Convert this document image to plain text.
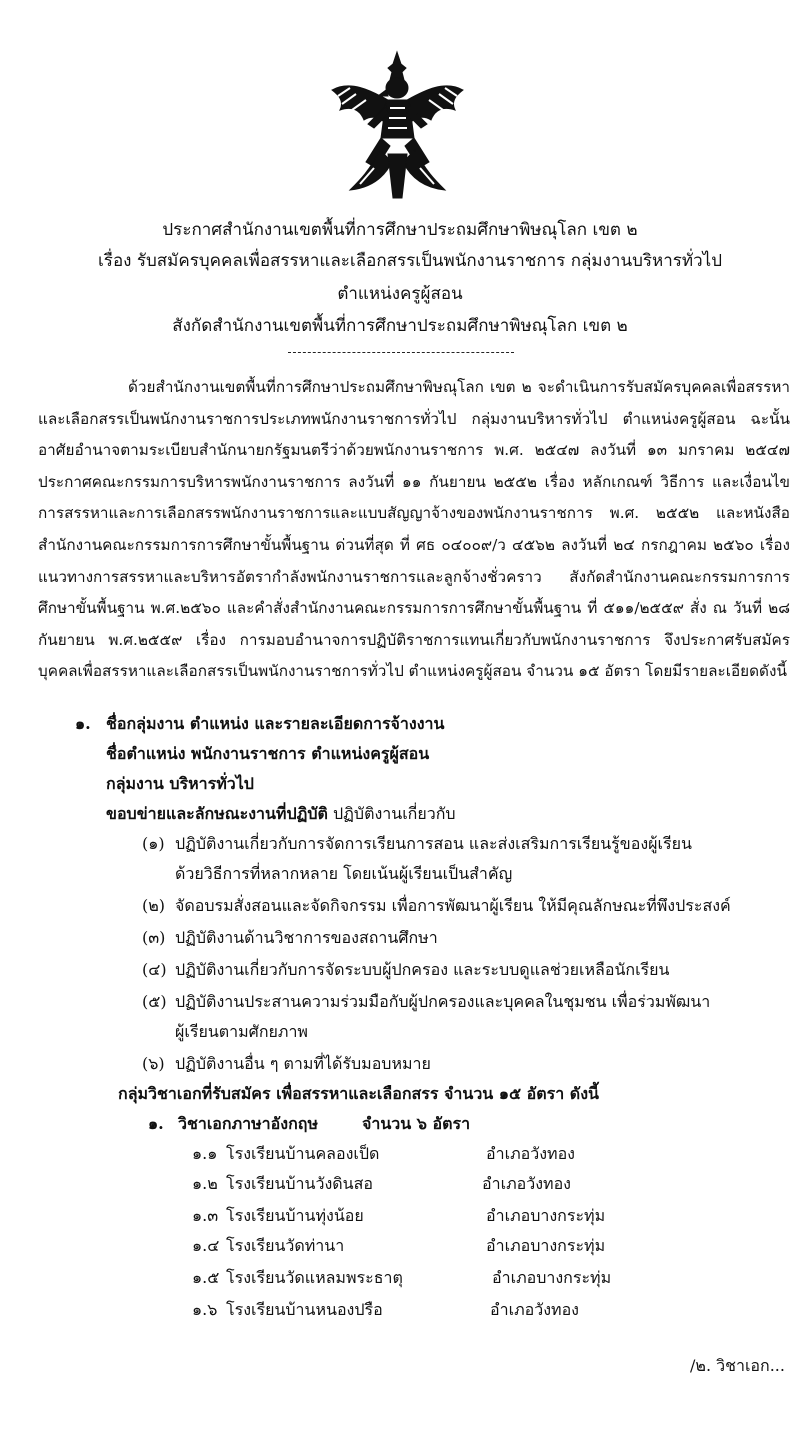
ประกาศสำนักงานเขตพื้นที่การศึกษาประถมศึกษาพิษณุโลก เขต ๒
เรื่อง รับสมัครบุคคลเพื่อสรรหาและเลือกสรรเป็นพนักงานราชการ กลุ่มงานบริหารทั่วไป
ตำแหน่งครูผู้สอน
สังกัดสำนักงานเขตพื้นที่การศึกษาประถมศึกษาพิษณุโลก เขต ๒
ด้วยสำนักงานเขตพื้นที่การศึกษาประถมศึกษาพิษณุโลก เขต ๒ จะดำเนินการรับสมัครบุคคลเพื่อสรรหาและเลือกสรรเป็นพนักงานราชการประเภทพนักงานราชการทั่วไป กลุ่มงานบริหารทั่วไป ตำแหน่งครูผู้สอน ฉะนั้น อาศัยอำนาจตามระเบียบสำนักนายกรัฐมนตรีว่าด้วยพนักงานราชการ พ.ศ. ๒๕๔๗ ลงวันที่ ๑๓ มกราคม ๒๕๔๗ ประกาศคณะกรรมการบริหารพนักงานราชการ ลงวันที่ ๑๑ กันยายน ๒๕๕๒ เรื่อง หลักเกณฑ์ วิธีการ และเงื่อนไขการสรรหาและการเลือกสรรพนักงานราชการและแบบสัญญาจ้างของพนักงานราชการ พ.ศ. ๒๕๕๒ และหนังสือสำนักงานคณะกรรมการการศึกษาขั้นพื้นฐาน ด่วนที่สุด ที่ ศธ ๐๔๐๐๙/ว ๔๕๖๒ ลงวันที่ ๒๔ กรกฎาคม ๒๕๖๐ เรื่อง แนวทางการสรรหาและบริหารอัตรากำลังพนักงานราชการและลูกจ้างชั่วคราว สังกัดสำนักงานคณะกรรมการการศึกษาขั้นพื้นฐาน พ.ศ.๒๕๖๐ และคำสั่งสำนักงานคณะกรรมการการศึกษาขั้นพื้นฐาน ที่ ๕๑๑/๒๕๕๙ สั่ง ณ วันที่ ๒๘ กันยายน พ.ศ.๒๕๕๙ เรื่อง การมอบอำนาจการปฏิบัติราชการแทนเกี่ยวกับพนักงานราชการ จึงประกาศรับสมัครบุคคลเพื่อสรรหาและเลือกสรรเป็นพนักงานราชการทั่วไป ตำแหน่งครูผู้สอน จำนวน ๑๕ อัตรา โดยมีรายละเอียดดังนี้
๑. ชื่อกลุ่มงาน ตำแหน่ง และรายละเอียดการจ้างงาน
ชื่อตำแหน่ง พนักงานราชการ ตำแหน่งครูผู้สอน
กลุ่มงาน บริหารทั่วไป
ขอบข่ายและลักษณะงานที่ปฏิบัติ ปฏิบัติงานเกี่ยวกับ
(๑) ปฏิบัติงานเกี่ยวกับการจัดการเรียนการสอน และส่งเสริมการเรียนรู้ของผู้เรียน
ด้วยวิธีการที่หลากหลาย โดยเน้นผู้เรียนเป็นสำคัญ
(๒) จัดอบรมสั่งสอนและจัดกิจกรรม เพื่อการพัฒนาผู้เรียน ให้มีคุณลักษณะที่พึงประสงค์
(๓) ปฏิบัติงานด้านวิชาการของสถานศึกษา
(๔) ปฏิบัติงานเกี่ยวกับการจัดระบบผู้ปกครอง และระบบดูแลช่วยเหลือนักเรียน
(๕) ปฏิบัติงานประสานความร่วมมือกับผู้ปกครองและบุคคลในชุมชน เพื่อร่วมพัฒนา
ผู้เรียนตามศักยภาพ
(๖) ปฏิบัติงานอื่น ๆ ตามที่ได้รับมอบหมาย
กลุ่มวิชาเอกที่รับสมัคร เพื่อสรรหาและเลือกสรร จำนวน ๑๕ อัตรา ดังนี้
๑. วิชาเอกภาษาอังกฤษ	จำนวน ๖ อัตรา
๑.๑ โรงเรียนบ้านคลองเป็ด	อำเภอวังทอง
๑.๒ โรงเรียนบ้านวังดินสอ	อำเภอวังทอง
๑.๓ โรงเรียนบ้านทุ่งน้อย	อำเภอบางกระทุ่ม
๑.๔ โรงเรียนวัดท่านา	อำเภอบางกระทุ่ม
๑.๕ โรงเรียนวัดแหลมพระธาตุ	อำเภอบางกระทุ่ม
๑.๖ โรงเรียนบ้านหนองปรือ	อำเภอวังทอง
/๒. วิชาเอก...
